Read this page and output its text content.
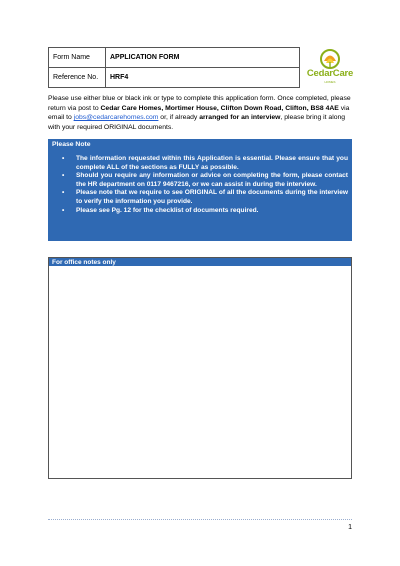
Form Name	APPLICATION FORM
Reference No.	HRF4	CedarCare
HOMES

Please use either blue or black ink or type to complete this application form. Once completed, please return via post to Cedar Care Homes, Mortimer House, Clifton Down Road, Clifton, BS8 4AE via email to jobs@cedarcarehomes.com or, if already arranged for an interview, please bring it along with your required ORIGINAL documents.

Please Note
• The information requested within this Application is essential. Please ensure that you complete ALL of the sections as FULLY as possible.
• Should you require any information or advice on completing the form, please contact the HR department on 0117 9467216, or we can assist in during the interview.
• Please note that we require to see ORIGINAL of all the documents during the interview to verify the information you provide.
• Please see Pg. 12 for the checklist of documents required.
For office notes only
1
